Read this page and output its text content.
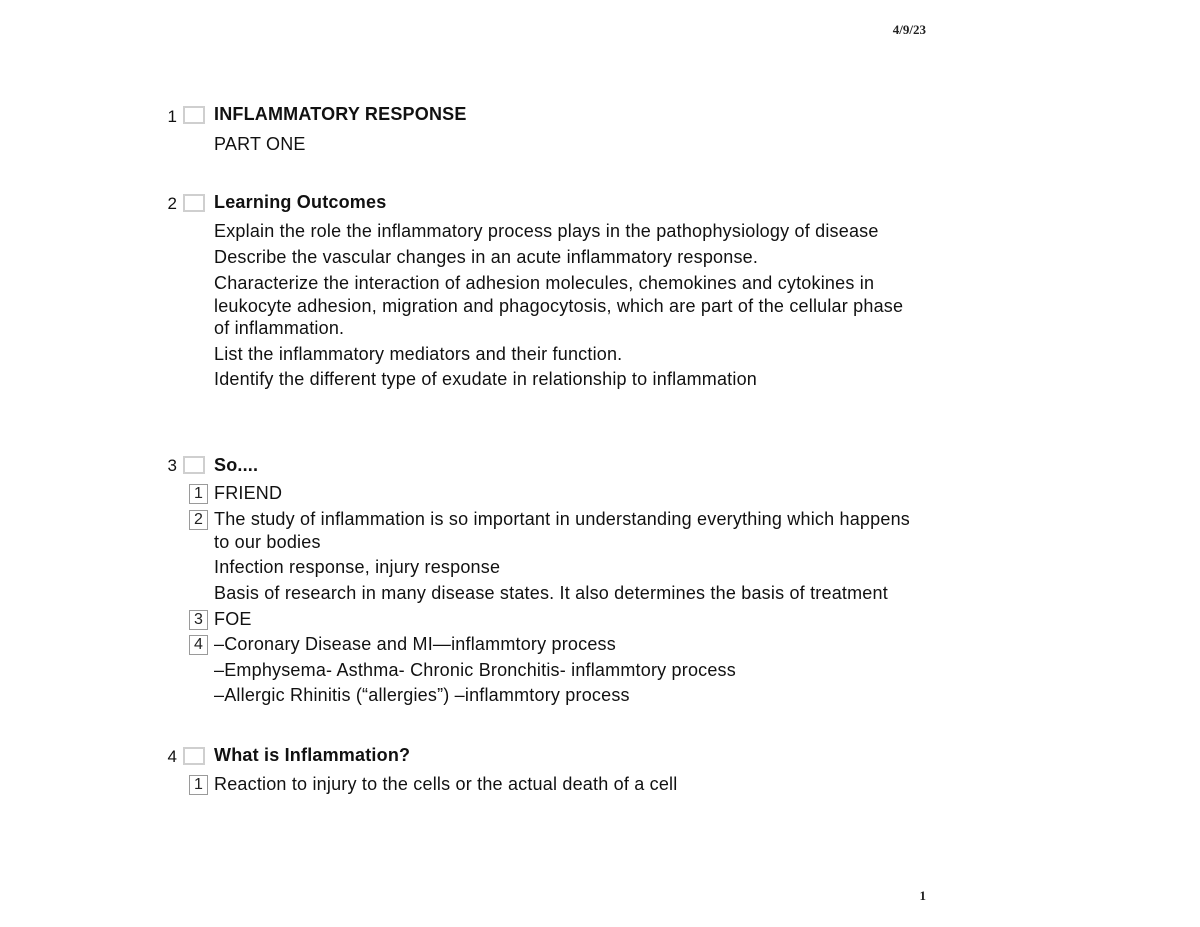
4/9/23
1 INFLAMMATORY RESPONSE
PART ONE
2 Learning Outcomes
Explain the role the inflammatory process plays in the pathophysiology of disease
Describe the vascular changes in an acute inflammatory response.
Characterize the interaction of adhesion molecules, chemokines and cytokines in
leukocyte adhesion, migration and phagocytosis, which are part of the cellular phase
of inflammation.
List the inflammatory mediators and their function.
Identify the different type of exudate in relationship to inflammation
3 So....
1 FRIEND
2 The study of inflammation is so important in understanding everything which happens
to our bodies
Infection response, injury response
Basis of research in many disease states. It also determines the basis of treatment
3 FOE
4 –Coronary Disease and MI—inflammtory process
–Emphysema- Asthma- Chronic Bronchitis- inflammtory process
–Allergic Rhinitis (“allergies”) –inflammtory process
4 What is Inflammation?
1 Reaction to injury to the cells or the actual death of a cell
1
